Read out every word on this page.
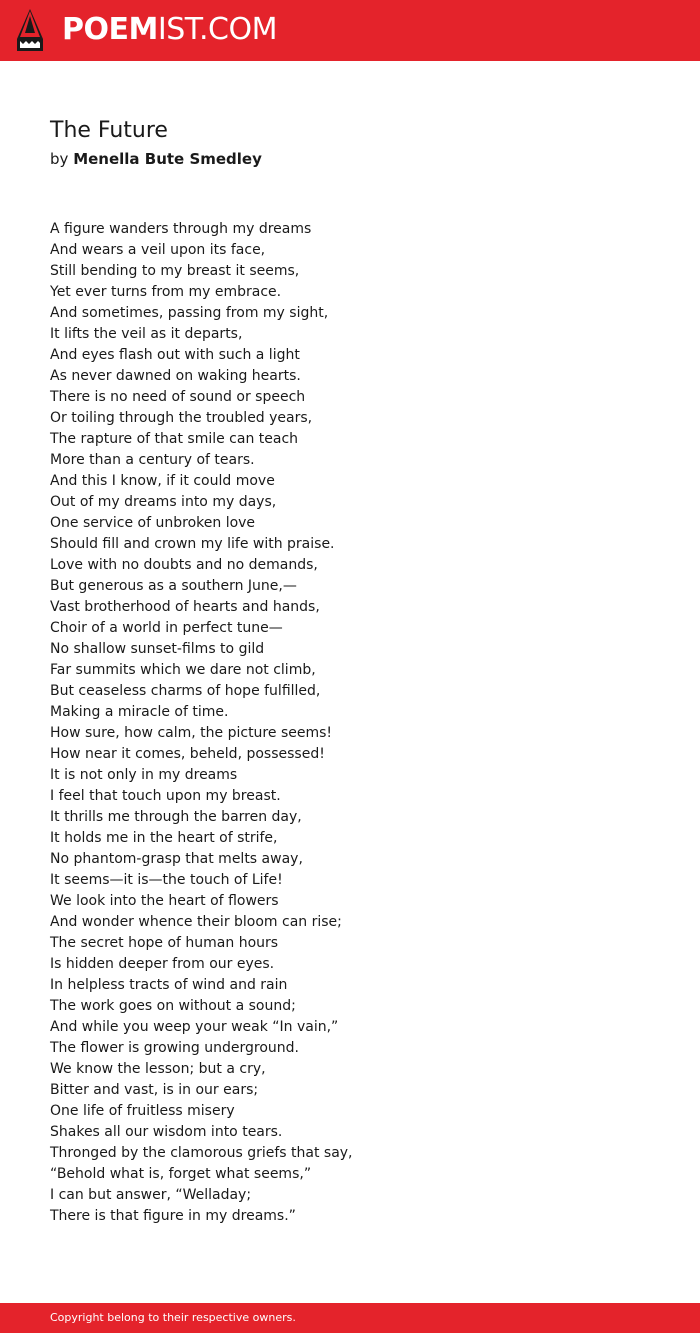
POEMIST.COM
The Future
by Menella Bute Smedley
A figure wanders through my dreams
And wears a veil upon its face,
Still bending to my breast it seems,
Yet ever turns from my embrace.
And sometimes, passing from my sight,
It lifts the veil as it departs,
And eyes flash out with such a light
As never dawned on waking hearts.
There is no need of sound or speech
Or toiling through the troubled years,
The rapture of that smile can teach
More than a century of tears.
And this I know, if it could move
Out of my dreams into my days,
One service of unbroken love
Should fill and crown my life with praise.
Love with no doubts and no demands,
But generous as a southern June,—
Vast brotherhood of hearts and hands,
Choir of a world in perfect tune—
No shallow sunset-films to gild
Far summits which we dare not climb,
But ceaseless charms of hope fulfilled,
Making a miracle of time.
How sure, how calm, the picture seems!
How near it comes, beheld, possessed!
It is not only in my dreams
I feel that touch upon my breast.
It thrills me through the barren day,
It holds me in the heart of strife,
No phantom-grasp that melts away,
It seems—it is—the touch of Life!
We look into the heart of flowers
And wonder whence their bloom can rise;
The secret hope of human hours
Is hidden deeper from our eyes.
In helpless tracts of wind and rain
The work goes on without a sound;
And while you weep your weak “In vain,”
The flower is growing underground.
We know the lesson; but a cry,
Bitter and vast, is in our ears;
One life of fruitless misery
Shakes all our wisdom into tears.
Thronged by the clamorous griefs that say,
“Behold what is, forget what seems,”
I can but answer, “Welladay;
There is that figure in my dreams.”
Copyright belong to their respective owners.
